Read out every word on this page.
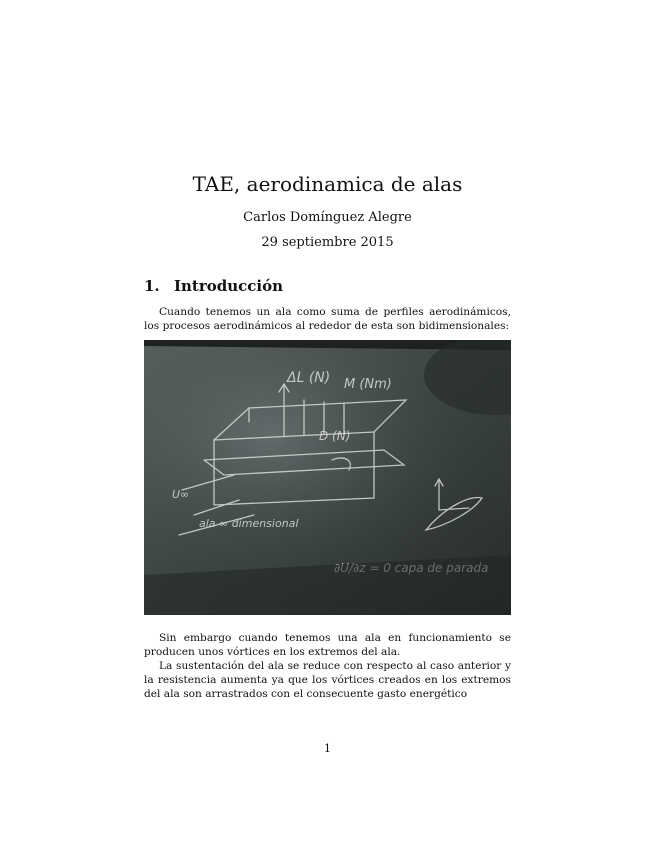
TAE, aerodinamica de alas
Carlos Domínguez Alegre
29 septiembre 2015
1. Introducción

Cuando tenemos un ala como suma de perfiles aerodinámicos, los procesos aerodinámicos al rededor de esta son bidimensionales:

ΔL (N) M (Nm)
D (N)
U∞
ala ∞ dimensional

Sin embargo cuando tenemos una ala en funcionamiento se producen unos vórtices en los extremos del ala.

La sustentación del ala se reduce con respecto al caso anterior y la resistencia aumenta ya que los vórtices creados en los extremos del ala son arrastrados con el consecuente gasto energético

1
